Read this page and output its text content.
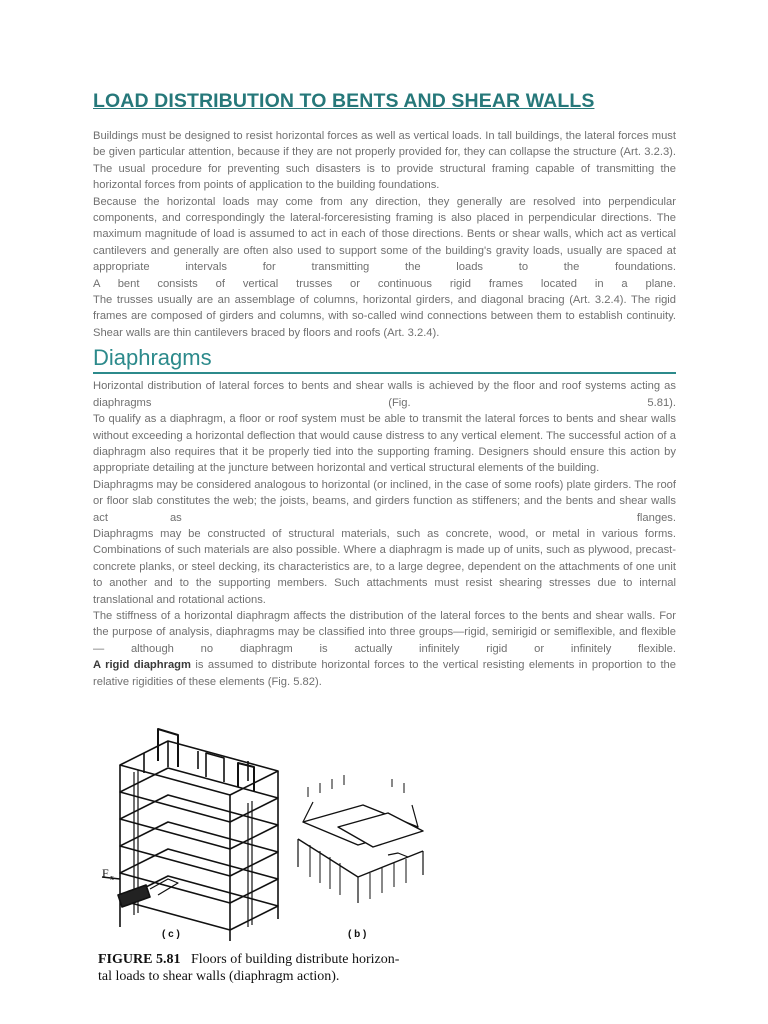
LOAD DISTRIBUTION TO BENTS AND SHEAR WALLS

Buildings must be designed to resist horizontal forces as well as vertical loads. In tall buildings, the lateral forces must be given particular attention, because if they are not properly provided for, they can collapse the structure (Art. 3.2.3). The usual procedure for preventing such disasters is to provide structural framing capable of transmitting the horizontal forces from points of application to the building foundations.

Because the horizontal loads may come from any direction, they generally are resolved into perpendicular components, and correspondingly the lateral-forceresisting framing is also placed in perpendicular directions. The maximum magnitude of load is assumed to act in each of those directions. Bents or shear walls, which act as vertical cantilevers and generally are often also used to support some of the building's gravity loads, usually are spaced at appropriate intervals for transmitting the loads to the foundations.

A bent consists of vertical trusses or continuous rigid frames located in a plane.

The trusses usually are an assemblage of columns, horizontal girders, and diagonal bracing (Art. 3.2.4). The rigid frames are composed of girders and columns, with so-called wind connections between them to establish continuity. Shear walls are thin cantilevers braced by floors and roofs (Art. 3.2.4).

Diaphragms

Horizontal distribution of lateral forces to bents and shear walls is achieved by the floor and roof systems acting as diaphragms (Fig. 5.81).

To qualify as a diaphragm, a floor or roof system must be able to transmit the lateral forces to bents and shear walls without exceeding a horizontal deflection that would cause distress to any vertical element. The successful action of a diaphragm also requires that it be properly tied into the supporting framing. Designers should ensure this action by appropriate detailing at the juncture between horizontal and vertical structural elements of the building.

Diaphragms may be considered analogous to horizontal (or inclined, in the case of some roofs) plate girders. The roof or floor slab constitutes the web; the joists, beams, and girders function as stiffeners; and the bents and shear walls act	as flanges.

Diaphragms may be constructed of structural materials, such as concrete, wood, or metal in various forms. Combinations of such materials are also possible. Where a diaphragm is made up of units, such as plywood, precast-concrete planks, or steel decking, its characteristics are, to a large degree, dependent on the attachments of one unit to another and to the supporting members. Such attachments must resist shearing stresses due to internal translational and rotational actions.

The stiffness of a horizontal diaphragm affects the distribution of the lateral forces to the bents and shear walls. For the purpose of analysis, diaphragms may be classified into three groups—rigid, semirigid or semiflexible, and flexible— although no diaphragm is actually infinitely rigid or infinitely flexible.

A rigid diaphragm is assumed to distribute horizontal forces to the vertical resisting elements in proportion to the relative rigidities of these elements (Fig. 5.82).

F x
( c )	( b )
FIGURE 5.81 Floors of building distribute horizon-
tal loads to shear walls (diaphragm action).
